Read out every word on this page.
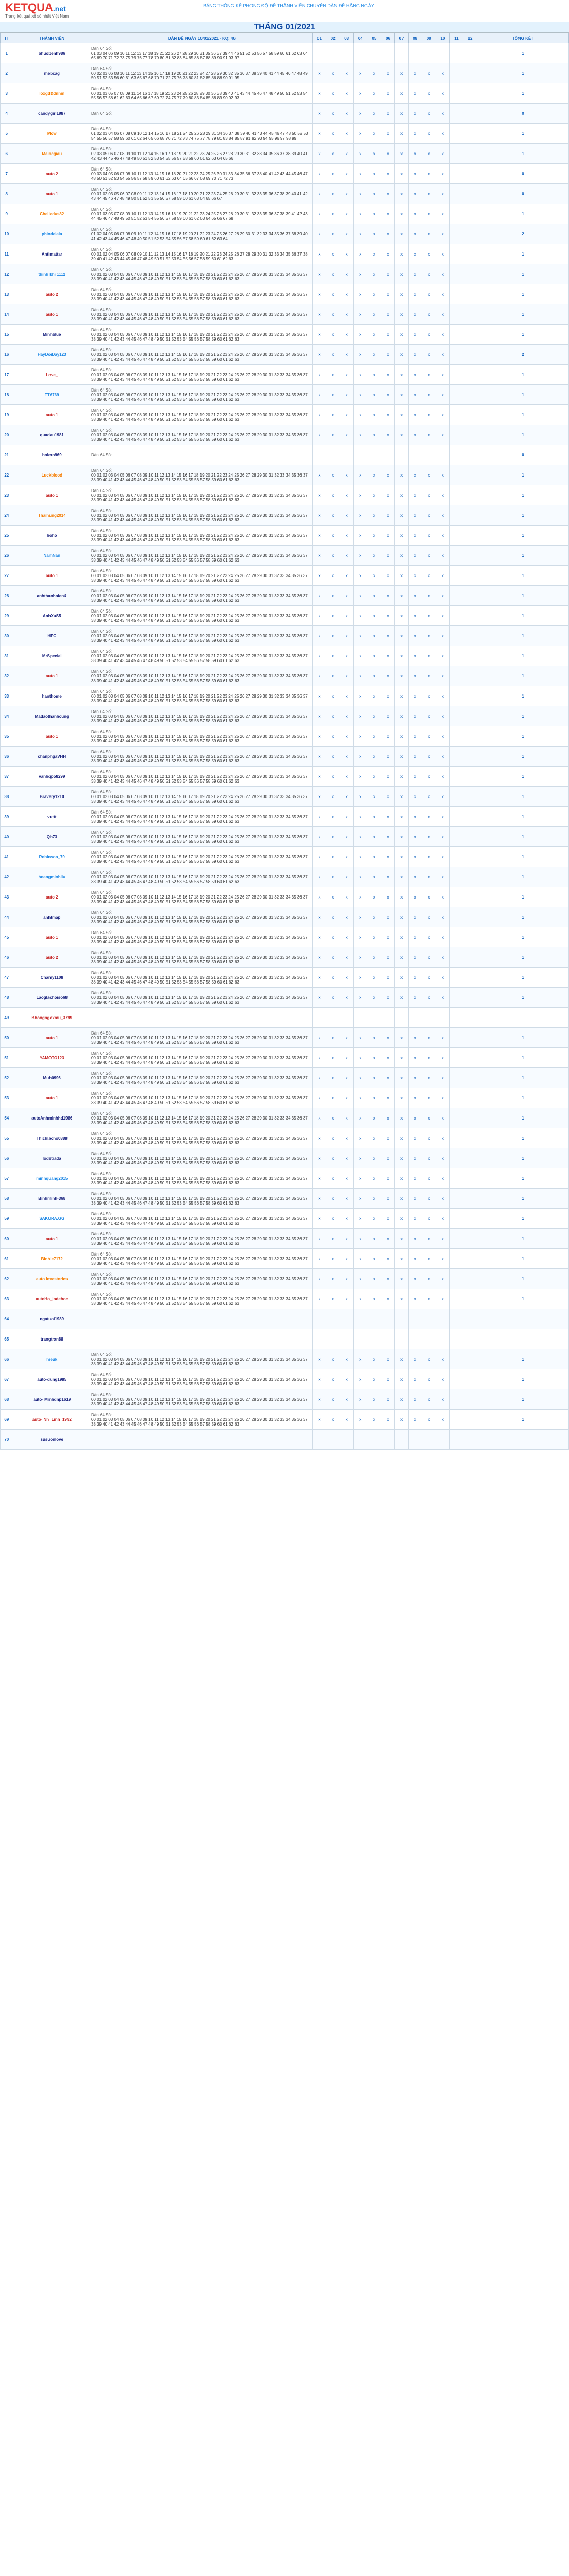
KETQUA.net
Trang kết quả xổ số nhất Việt Nam
BẢNG THỐNG KÊ PHONG ĐỘ ĐỀ THÀNH VIÊN CHUYÊN DÀN ĐỀ HÀNG NGÀY
THÁNG 01/2021
TT	THÀNH VIÊN	DÀN ĐỀ NGÀY 10/01/2021 - KQ: 46	01	02	03	04	05	06	07	08	09	10	11	12	TỔNG KẾT
1	bhuobenh986	Dàn 64 Số:
01 03 04 06 09 10 11 12 13 17 18 19 21 22 26 27 28 29 30 31 35 36 37 39 44 46 51 52 53 56 57 58 59 60 61 62 63 64 65 69 70 71 72 73 75 79 76 77 78 79 80 81 82 83 84 85 86 87 88 89 90 91 93 97													1
2	mebcag	Dàn 64 Số:
00 02 03 06 08 10 11 12 13 14 15 16 17 18 19 20 21 22 23 24 27 28 29 30 32 35 36 37 38 39 40 41 44 45 46 47 48 49 50 51 52 53 56 60 61 63 65 67 68 70 71 72 75 76 78 80 81 82 85 86 88 90 91 95	x	x	x	x	x	x	x	x	x	x			1
3	loxgd&dnnm	Dàn 64 Số:
00 01 03 05 07 08 09 11 14 16 17 18 19 21 23 24 25 26 28 29 30 36 38 39 40 41 43 44 45 46 47 48 49 50 51 52 53 54 55 56 57 58 61 62 63 64 65 66 67 69 72 74 75 77 79 80 83 84 85 88 89 90 92 93	x	x	x	x	x	x	x	x	x	x			1
4	candygirl1987	Dàn 64 Số:	x	x	x	x	x	x	x	x	x	x			0
5	Mow	Dàn 64 Số:
01 02 03 04 06 07 08 09 10 12 14 15 16 17 18 21 24 25 26 28 29 31 34 36 37 38 39 40 41 43 44 45 46 47 48 50 52 53 54 55 56 57 58 59 60 61 62 64 65 66 68 70 71 72 73 74 75 77 78 79 81 83 84 85 87 91 92 93 94 95 96 97 98 99	x	x	x	x	x	x	x	x	x	x			1
6	Maiacgiau	Dàn 64 Số:
02 03 05 06 07 08 09 10 11 12 14 15 16 17 18 19 20 21 22 23 24 25 26 27 28 29 30 31 32 33 34 35 36 37 38 39 40 41 42 43 44 45 46 47 48 49 50 51 52 53 54 55 56 57 58 59 60 61 62 63 64 65 66	x	x	x	x	x	x	x	x	x	x			1
7	auto 2	Dàn 64 Số:
00 03 04 05 06 07 08 10 11 12 13 14 15 16 18 20 21 22 23 24 25 26 30 31 33 34 35 36 37 38 40 41 42 43 44 45 46 47 48 50 51 52 53 54 55 56 57 58 59 60 61 62 63 64 65 66 67 68 69 70 71 72 73	x	x	x	x	x	x	x	x	x	x			0
8	auto 1	Dàn 64 Số:
00 01 02 03 05 06 07 08 09 11 12 13 14 15 16 17 18 19 20 21 22 23 24 25 26 29 30 31 32 33 35 36 37 38 39 40 41 42 43 44 45 46 47 48 49 50 51 52 53 55 56 57 58 59 60 61 63 64 65 66 67	x	x	x	x	x	x	x	x	x	x			0
9	Chelledus82	Dàn 64 Số:
00 01 03 05 07 08 09 10 11 12 13 14 15 16 18 19 20 21 22 23 24 25 26 27 28 29 30 31 32 33 35 36 37 38 39 41 42 43 44 45 46 47 48 49 50 51 52 53 54 55 56 57 58 59 60 61 62 63 64 65 66 67 68	x	x	x	x	x	x	x	x	x	x			1
10	phindelala	Dàn 64 Số:
01 02 04 05 06 07 08 09 10 11 12 14 15 16 17 18 19 20 21 22 23 24 25 26 27 28 29 30 31 32 33 34 35 36 37 38 39 40 41 42 43 44 45 46 47 48 49 50 51 52 53 54 55 56 57 58 59 60 61 62 63 64	x	x	x	x	x	x	x	x	x	x			2
11	Antimattar	Dàn 64 Số:
00 01 02 04 05 06 07 08 09 10 11 12 13 14 15 16 17 18 19 20 21 22 23 24 25 26 27 28 29 30 31 32 33 34 35 36 37 38 39 40 41 42 43 44 45 46 47 48 49 50 51 52 53 54 55 56 57 58 59 60 61 62 63	x	x	x	x	x	x	x	x	x	x			1
12	thinh khi 1112	Dàn 64 Số:
00 01 02 03 04 05 06 07 08 09 10 11 12 13 14 15 16 17 18 19 20 21 22 23 24 25 26 27 28 29 30 31 32 33 34 35 36 37 38 39 40 41 42 43 44 45 46 47 48 49 50 51 52 53 54 55 56 57 58 59 60 61 62 63	x	x	x	x	x	x	x	x	x	x			1
13	auto 2	Dàn 64 Số:
00 01 02 03 04 05 06 07 08 09 10 11 12 13 14 15 16 17 18 19 20 21 22 23 24 25 26 27 28 29 30 31 32 33 34 35 36 37 38 39 40 41 42 43 44 45 46 47 48 49 50 51 52 53 54 55 56 57 58 59 60 61 62 63	x	x	x	x	x	x	x	x	x	x			1
14	auto 1	Dàn 64 Số:
00 01 02 03 04 05 06 07 08 09 10 11 12 13 14 15 16 17 18 19 20 21 22 23 24 25 26 27 28 29 30 31 32 33 34 35 36 37 38 39 40 41 42 43 44 45 46 47 48 49 50 51 52 53 54 55 56 57 58 59 60 61 62 63	x	x	x	x	x	x	x	x	x	x			1
15	Minhblue	Dàn 64 Số:
00 01 02 03 04 05 06 07 08 09 10 11 12 13 14 15 16 17 18 19 20 21 22 23 24 25 26 27 28 29 30 31 32 33 34 35 36 37 38 39 40 41 42 43 44 45 46 47 48 49 50 51 52 53 54 55 56 57 58 59 60 61 62 63	x	x	x	x	x	x	x	x	x	x			1
16	HayDoiDay123	Dàn 64 Số:
00 01 02 03 04 05 06 07 08 09 10 11 12 13 14 15 16 17 18 19 20 21 22 23 24 25 26 27 28 29 30 31 32 33 34 35 36 37 38 39 40 41 42 43 44 45 46 47 48 49 50 51 52 53 54 55 56 57 58 59 60 61 62 63	x	x	x	x	x	x	x	x	x	x			2
17	Love_	Dàn 64 Số:
00 01 02 03 04 05 06 07 08 09 10 11 12 13 14 15 16 17 18 19 20 21 22 23 24 25 26 27 28 29 30 31 32 33 34 35 36 37 38 39 40 41 42 43 44 45 46 47 48 49 50 51 52 53 54 55 56 57 58 59 60 61 62 63	x	x	x	x	x	x	x	x	x	x			1
18	TT6769	Dàn 64 Số:
00 01 02 03 04 05 06 07 08 09 10 11 12 13 14 15 16 17 18 19 20 21 22 23 24 25 26 27 28 29 30 31 32 33 34 35 36 37 38 39 40 41 42 43 44 45 46 47 48 49 50 51 52 53 54 55 56 57 58 59 60 61 62 63	x	x	x	x	x	x	x	x	x	x			1
19	auto 1	Dàn 64 Số:
00 01 02 03 04 05 06 07 08 09 10 11 12 13 14 15 16 17 18 19 20 21 22 23 24 25 26 27 28 29 30 31 32 33 34 35 36 37 38 39 40 41 42 43 44 45 46 47 48 49 50 51 52 53 54 55 56 57 58 59 60 61 62 63	x	x	x	x	x	x	x	x	x	x			1
20	quadau1981	Dàn 64 Số:
00 01 02 03 04 05 06 07 08 09 10 11 12 13 14 15 16 17 18 19 20 21 22 23 24 25 26 27 28 29 30 31 32 33 34 35 36 37 38 39 40 41 42 43 44 45 46 47 48 49 50 51 52 53 54 55 56 57 58 59 60 61 62 63	x	x	x	x	x	x	x	x	x	x			1
21	bolero969	Dàn 64 Số:													0
22	Luckblood	Dàn 64 Số:
00 01 02 03 04 05 06 07 08 09 10 11 12 13 14 15 16 17 18 19 20 21 22 23 24 25 26 27 28 29 30 31 32 33 34 35 36 37 38 39 40 41 42 43 44 45 46 47 48 49 50 51 52 53 54 55 56 57 58 59 60 61 62 63	x	x	x	x	x	x	x	x	x	x			1
23	auto 1	Dàn 64 Số:
00 01 02 03 04 05 06 07 08 09 10 11 12 13 14 15 16 17 18 19 20 21 22 23 24 25 26 27 28 29 30 31 32 33 34 35 36 37 38 39 40 41 42 43 44 45 46 47 48 49 50 51 52 53 54 55 56 57 58 59 60 61 62 63	x	x	x	x	x	x	x	x	x	x			1
24	Thaihung2014	Dàn 64 Số:
00 01 02 03 04 05 06 07 08 09 10 11 12 13 14 15 16 17 18 19 20 21 22 23 24 25 26 27 28 29 30 31 32 33 34 35 36 37 38 39 40 41 42 43 44 45 46 47 48 49 50 51 52 53 54 55 56 57 58 59 60 61 62 63	x	x	x	x	x	x	x	x	x	x			1
25	hoho	Dàn 64 Số:
00 01 02 03 04 05 06 07 08 09 10 11 12 13 14 15 16 17 18 19 20 21 22 23 24 25 26 27 28 29 30 31 32 33 34 35 36 37 38 39 40 41 42 43 44 45 46 47 48 49 50 51 52 53 54 55 56 57 58 59 60 61 62 63	x	x	x	x	x	x	x	x	x	x			1
26	NamNan	Dàn 64 Số:
00 01 02 03 04 05 06 07 08 09 10 11 12 13 14 15 16 17 18 19 20 21 22 23 24 25 26 27 28 29 30 31 32 33 34 35 36 37 38 39 40 41 42 43 44 45 46 47 48 49 50 51 52 53 54 55 56 57 58 59 60 61 62 63	x	x	x	x	x	x	x	x	x	x			1
27	auto 1	Dàn 64 Số:
00 01 02 03 04 05 06 07 08 09 10 11 12 13 14 15 16 17 18 19 20 21 22 23 24 25 26 27 28 29 30 31 32 33 34 35 36 37 38 39 40 41 42 43 44 45 46 47 48 49 50 51 52 53 54 55 56 57 58 59 60 61 62 63	x	x	x	x	x	x	x	x	x	x			1
28	anhthanhnien&	Dàn 64 Số:
00 01 02 03 04 05 06 07 08 09 10 11 12 13 14 15 16 17 18 19 20 21 22 23 24 25 26 27 28 29 30 31 32 33 34 35 36 37 38 39 40 41 42 43 44 45 46 47 48 49 50 51 52 53 54 55 56 57 58 59 60 61 62 63	x	x	x	x	x	x	x	x	x	x			1
29	AnhXuS5	Dàn 64 Số:
00 01 02 03 04 05 06 07 08 09 10 11 12 13 14 15 16 17 18 19 20 21 22 23 24 25 26 27 28 29 30 31 32 33 34 35 36 37 38 39 40 41 42 43 44 45 46 47 48 49 50 51 52 53 54 55 56 57 58 59 60 61 62 63	x	x	x	x	x	x	x	x	x	x			1
30	HPC	Dàn 64 Số:
00 01 02 03 04 05 06 07 08 09 10 11 12 13 14 15 16 17 18 19 20 21 22 23 24 25 26 27 28 29 30 31 32 33 34 35 36 37 38 39 40 41 42 43 44 45 46 47 48 49 50 51 52 53 54 55 56 57 58 59 60 61 62 63	x	x	x	x	x	x	x	x	x	x			1
31	MrSpecial	Dàn 64 Số:
00 01 02 03 04 05 06 07 08 09 10 11 12 13 14 15 16 17 18 19 20 21 22 23 24 25 26 27 28 29 30 31 32 33 34 35 36 37 38 39 40 41 42 43 44 45 46 47 48 49 50 51 52 53 54 55 56 57 58 59 60 61 62 63	x	x	x	x	x	x	x	x	x	x			1
32	auto 1	Dàn 64 Số:
00 01 02 03 04 05 06 07 08 09 10 11 12 13 14 15 16 17 18 19 20 21 22 23 24 25 26 27 28 29 30 31 32 33 34 35 36 37 38 39 40 41 42 43 44 45 46 47 48 49 50 51 52 53 54 55 56 57 58 59 60 61 62 63	x	x	x	x	x	x	x	x	x	x			1
33	hanthome	Dàn 64 Số:
00 01 02 03 04 05 06 07 08 09 10 11 12 13 14 15 16 17 18 19 20 21 22 23 24 25 26 27 28 29 30 31 32 33 34 35 36 37 38 39 40 41 42 43 44 45 46 47 48 49 50 51 52 53 54 55 56 57 58 59 60 61 62 63	x	x	x	x	x	x	x	x	x	x			1
34	Madaothanhcung	Dàn 64 Số:
00 01 02 03 04 05 06 07 08 09 10 11 12 13 14 15 16 17 18 19 20 21 22 23 24 25 26 27 28 29 30 31 32 33 34 35 36 37 38 39 40 41 42 43 44 45 46 47 48 49 50 51 52 53 54 55 56 57 58 59 60 61 62 63	x	x	x	x	x	x	x	x	x	x			1
35	auto 1	Dàn 64 Số:
00 01 02 03 04 05 06 07 08 09 10 11 12 13 14 15 16 17 18 19 20 21 22 23 24 25 26 27 28 29 30 31 32 33 34 35 36 37 38 39 40 41 42 43 44 45 46 47 48 49 50 51 52 53 54 55 56 57 58 59 60 61 62 63	x	x	x	x	x	x	x	x	x	x			1
36	chanphgaVHH	Dàn 64 Số:
00 01 02 03 04 05 06 07 08 09 10 11 12 13 14 15 16 17 18 19 20 21 22 23 24 25 26 27 28 29 30 31 32 33 34 35 36 37 38 39 40 41 42 43 44 45 46 47 48 49 50 51 52 53 54 55 56 57 58 59 60 61 62 63	x	x	x	x	x	x	x	x	x	x			1
37	vanhqpo8299	Dàn 64 Số:
00 01 02 03 04 05 06 07 08 09 10 11 12 13 14 15 16 17 18 19 20 21 22 23 24 25 26 27 28 29 30 31 32 33 34 35 36 37 38 39 40 41 42 43 44 45 46 47 48 49 50 51 52 53 54 55 56 57 58 59 60 61 62 63	x	x	x	x	x	x	x	x	x	x			1
38	Bravery1210	Dàn 64 Số:
00 01 02 03 04 05 06 07 08 09 10 11 12 13 14 15 16 17 18 19 20 21 22 23 24 25 26 27 28 29 30 31 32 33 34 35 36 37 38 39 40 41 42 43 44 45 46 47 48 49 50 51 52 53 54 55 56 57 58 59 60 61 62 63	x	x	x	x	x	x	x	x	x	x			1
39	vuttt	Dàn 64 Số:
00 01 02 03 04 05 06 07 08 09 10 11 12 13 14 15 16 17 18 19 20 21 22 23 24 25 26 27 28 29 30 31 32 33 34 35 36 37 38 39 40 41 42 43 44 45 46 47 48 49 50 51 52 53 54 55 56 57 58 59 60 61 62 63	x	x	x	x	x	x	x	x	x	x			1
40	Qb73	Dàn 64 Số:
00 01 02 03 04 05 06 07 08 09 10 11 12 13 14 15 16 17 18 19 20 21 22 23 24 25 26 27 28 29 30 31 32 33 34 35 36 37 38 39 40 41 42 43 44 45 46 47 48 49 50 51 52 53 54 55 56 57 58 59 60 61 62 63	x	x	x	x	x	x	x	x	x	x			1
41	Robinson_79	Dàn 64 Số:
00 01 02 03 04 05 06 07 08 09 10 11 12 13 14 15 16 17 18 19 20 21 22 23 24 25 26 27 28 29 30 31 32 33 34 35 36 37 38 39 40 41 42 43 44 45 46 47 48 49 50 51 52 53 54 55 56 57 58 59 60 61 62 63	x	x	x	x	x	x	x	x	x	x			1
42	hoangminhliu	Dàn 64 Số:
00 01 02 03 04 05 06 07 08 09 10 11 12 13 14 15 16 17 18 19 20 21 22 23 24 25 26 27 28 29 30 31 32 33 34 35 36 37 38 39 40 41 42 43 44 45 46 47 48 49 50 51 52 53 54 55 56 57 58 59 60 61 62 63	x	x	x	x	x	x	x	x	x	x			1
43	auto 2	Dàn 64 Số:
00 01 02 03 04 05 06 07 08 09 10 11 12 13 14 15 16 17 18 19 20 21 22 23 24 25 26 27 28 29 30 31 32 33 34 35 36 37 38 39 40 41 42 43 44 45 46 47 48 49 50 51 52 53 54 55 56 57 58 59 60 61 62 63	x	x	x	x	x	x	x	x	x	x			1
44	anhtmap	Dàn 64 Số:
00 01 02 03 04 05 06 07 08 09 10 11 12 13 14 15 16 17 18 19 20 21 22 23 24 25 26 27 28 29 30 31 32 33 34 35 36 37 38 39 40 41 42 43 44 45 46 47 48 49 50 51 52 53 54 55 56 57 58 59 60 61 62 63	x	x	x	x	x	x	x	x	x	x			1
45	auto 1	Dàn 64 Số:
00 01 02 03 04 05 06 07 08 09 10 11 12 13 14 15 16 17 18 19 20 21 22 23 24 25 26 27 28 29 30 31 32 33 34 35 36 37 38 39 40 41 42 43 44 45 46 47 48 49 50 51 52 53 54 55 56 57 58 59 60 61 62 63	x	x	x	x	x	x	x	x	x	x			1
46	auto 2	Dàn 64 Số:
00 01 02 03 04 05 06 07 08 09 10 11 12 13 14 15 16 17 18 19 20 21 22 23 24 25 26 27 28 29 30 31 32 33 34 35 36 37 38 39 40 41 42 43 44 45 46 47 48 49 50 51 52 53 54 55 56 57 58 59 60 61 62 63	x	x	x	x	x	x	x	x	x	x			1
47	Chamy1108	Dàn 64 Số:
00 01 02 03 04 05 06 07 08 09 10 11 12 13 14 15 16 17 18 19 20 21 22 23 24 25 26 27 28 29 30 31 32 33 34 35 36 37 38 39 40 41 42 43 44 45 46 47 48 49 50 51 52 53 54 55 56 57 58 59 60 61 62 63	x	x	x	x	x	x	x	x	x	x			1
48	Laoglachoiso68	Dàn 64 Số:
00 01 02 03 04 05 06 07 08 09 10 11 12 13 14 15 16 17 18 19 20 21 22 23 24 25 26 27 28 29 30 31 32 33 34 35 36 37 38 39 40 41 42 43 44 45 46 47 48 49 50 51 52 53 54 55 56 57 58 59 60 61 62 63	x	x	x	x	x	x	x	x	x	x			1
49	Khongngoxmu_3799	

50	auto 1	Dàn 64 Số:
00 01 02 03 04 05 06 07 08 09 10 11 12 13 14 15 16 17 18 19 20 21 22 23 24 25 26 27 28 29 30 31 32 33 34 35 36 37 38 39 40 41 42 43 44 45 46 47 48 49 50 51 52 53 54 55 56 57 58 59 60 61 62 63	x	x	x	x	x	x	x	x	x	x			1
51	YAMOTO123	Dàn 64 Số:
00 01 02 03 04 05 06 07 08 09 10 11 12 13 14 15 16 17 18 19 20 21 22 23 24 25 26 27 28 29 30 31 32 33 34 35 36 37 38 39 40 41 42 43 44 45 46 47 48 49 50 51 52 53 54 55 56 57 58 59 60 61 62 63	x	x	x	x	x	x	x	x	x	x			1
52	Muh0996	Dàn 64 Số:
00 01 02 03 04 05 06 07 08 09 10 11 12 13 14 15 16 17 18 19 20 21 22 23 24 25 26 27 28 29 30 31 32 33 34 35 36 37 38 39 40 41 42 43 44 45 46 47 48 49 50 51 52 53 54 55 56 57 58 59 60 61 62 63	x	x	x	x	x	x	x	x	x	x			1
53	auto 1	Dàn 64 Số:
00 01 02 03 04 05 06 07 08 09 10 11 12 13 14 15 16 17 18 19 20 21 22 23 24 25 26 27 28 29 30 31 32 33 34 35 36 37 38 39 40 41 42 43 44 45 46 47 48 49 50 51 52 53 54 55 56 57 58 59 60 61 62 63	x	x	x	x	x	x	x	x	x	x			1
54	autoAnhminhhd1986	Dàn 64 Số:
00 01 02 03 04 05 06 07 08 09 10 11 12 13 14 15 16 17 18 19 20 21 22 23 24 25 26 27 28 29 30 31 32 33 34 35 36 37 38 39 40 41 42 43 44 45 46 47 48 49 50 51 52 53 54 55 56 57 58 59 60 61 62 63	x	x	x	x	x	x	x	x	x	x			1
55	Thichlacho0888	Dàn 64 Số:
00 01 02 03 04 05 06 07 08 09 10 11 12 13 14 15 16 17 18 19 20 21 22 23 24 25 26 27 28 29 30 31 32 33 34 35 36 37 38 39 40 41 42 43 44 45 46 47 48 49 50 51 52 53 54 55 56 57 58 59 60 61 62 63	x	x	x	x	x	x	x	x	x	x			1
56	lodetrada	Dàn 64 Số:
00 01 02 03 04 05 06 07 08 09 10 11 12 13 14 15 16 17 18 19 20 21 22 23 24 25 26 27 28 29 30 31 32 33 34 35 36 37 38 39 40 41 42 43 44 45 46 47 48 49 50 51 52 53 54 55 56 57 58 59 60 61 62 63	x	x	x	x	x	x	x	x	x	x			1
57	minhquang2015	Dàn 64 Số:
00 01 02 03 04 05 06 07 08 09 10 11 12 13 14 15 16 17 18 19 20 21 22 23 24 25 26 27 28 29 30 31 32 33 34 35 36 37 38 39 40 41 42 43 44 45 46 47 48 49 50 51 52 53 54 55 56 57 58 59 60 61 62 63	x	x	x	x	x	x	x	x	x	x			1
58	Binhminh-368	Dàn 64 Số:
00 01 02 03 04 05 06 07 08 09 10 11 12 13 14 15 16 17 18 19 20 21 22 23 24 25 26 27 28 29 30 31 32 33 34 35 36 37 38 39 40 41 42 43 44 45 46 47 48 49 50 51 52 53 54 55 56 57 58 59 60 61 62 63	x	x	x	x	x	x	x	x	x	x			1
59	SAKURA.GG	Dàn 64 Số:
00 01 02 03 04 05 06 07 08 09 10 11 12 13 14 15 16 17 18 19 20 21 22 23 24 25 26 27 28 29 30 31 32 33 34 35 36 37 38 39 40 41 42 43 44 45 46 47 48 49 50 51 52 53 54 55 56 57 58 59 60 61 62 63	x	x	x	x	x	x	x	x	x	x			1
60	auto 1	Dàn 64 Số:
00 01 02 03 04 05 06 07 08 09 10 11 12 13 14 15 16 17 18 19 20 21 22 23 24 25 26 27 28 29 30 31 32 33 34 35 36 37 38 39 40 41 42 43 44 45 46 47 48 49 50 51 52 53 54 55 56 57 58 59 60 61 62 63	x	x	x	x	x	x	x	x	x	x			1
61	Binhle7172	Dàn 64 Số:
00 01 02 03 04 05 06 07 08 09 10 11 12 13 14 15 16 17 18 19 20 21 22 23 24 25 26 27 28 29 30 31 32 33 34 35 36 37 38 39 40 41 42 43 44 45 46 47 48 49 50 51 52 53 54 55 56 57 58 59 60 61 62 63	x	x	x	x	x	x	x	x	x	x			1
62	auto lovestories	Dàn 64 Số:
00 01 02 03 04 05 06 07 08 09 10 11 12 13 14 15 16 17 18 19 20 21 22 23 24 25 26 27 28 29 30 31 32 33 34 35 36 37 38 39 40 41 42 43 44 45 46 47 48 49 50 51 52 53 54 55 56 57 58 59 60 61 62 63	x	x	x	x	x	x	x	x	x	x			1
63	autoHo_lodehoc	Dàn 64 Số:
00 01 02 03 04 05 06 07 08 09 10 11 12 13 14 15 16 17 18 19 20 21 22 23 24 25 26 27 28 29 30 31 32 33 34 35 36 37 38 39 40 41 42 43 44 45 46 47 48 49 50 51 52 53 54 55 56 57 58 59 60 61 62 63	x	x	x	x	x	x	x	x	x	x			1
64	ngatuoi1989	

65	trangtran88	

66	hieuk	Dàn 64 Số:
00 01 02 03 04 05 06 07 08 09 10 11 12 13 14 15 16 17 18 19 20 21 22 23 24 25 26 27 28 29 30 31 32 33 34 35 36 37 38 39 40 41 42 43 44 45 46 47 48 49 50 51 52 53 54 55 56 57 58 59 60 61 62 63	x	x	x	x	x	x	x	x	x	x			1
67	auto-dung1985	Dàn 64 Số:
00 01 02 03 04 05 06 07 08 09 10 11 12 13 14 15 16 17 18 19 20 21 22 23 24 25 26 27 28 29 30 31 32 33 34 35 36 37 38 39 40 41 42 43 44 45 46 47 48 49 50 51 52 53 54 55 56 57 58 59 60 61 62 63	x	x	x	x	x	x	x	x	x	x			1
68	auto- Minhdnp1619	Dàn 64 Số:
00 01 02 03 04 05 06 07 08 09 10 11 12 13 14 15 16 17 18 19 20 21 22 23 24 25 26 27 28 29 30 31 32 33 34 35 36 37 38 39 40 41 42 43 44 45 46 47 48 49 50 51 52 53 54 55 56 57 58 59 60 61 62 63	x	x	x	x	x	x	x	x	x	x			1
69	auto- Nh_Linh_1992	Dàn 64 Số:
00 01 02 03 04 05 06 07 08 09 10 11 12 13 14 15 16 17 18 19 20 21 22 23 24 25 26 27 28 29 30 31 32 33 34 35 36 37 38 39 40 41 42 43 44 45 46 47 48 49 50 51 52 53 54 55 56 57 58 59 60 61 62 63	x	x	x	x	x	x	x	x	x	x			1
70	susuonlove	
